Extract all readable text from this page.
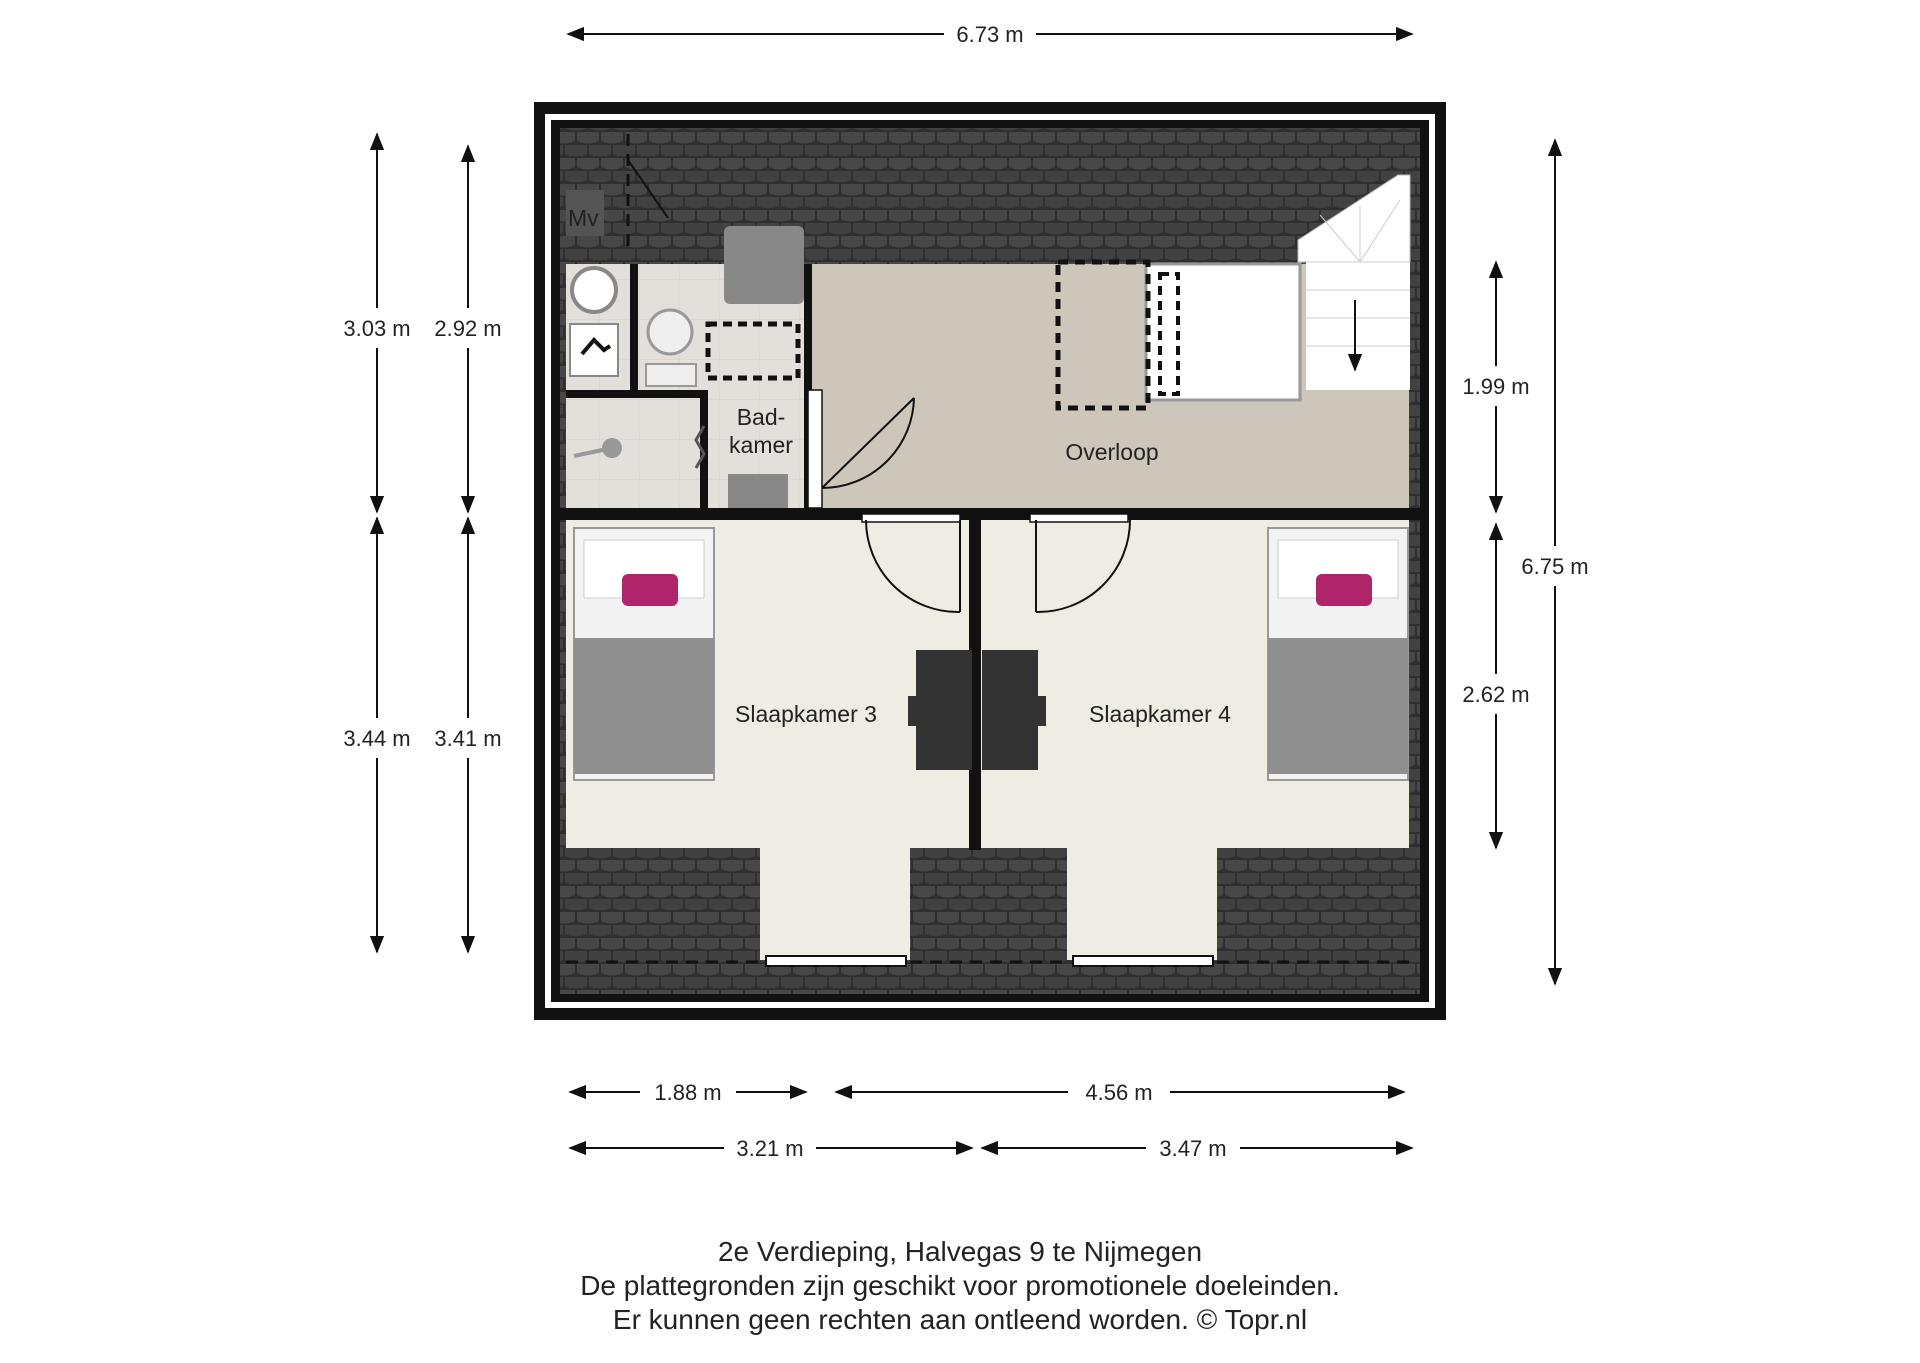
Mv
Bad-
kamer	Overloop
Slaapkamer 3	Slaapkamer 4
6.73 m
3.03 m
3.44 m
2.92 m
3.41 m
6.75 m
1.99 m
2.62 m
1.88 m	4.56 m
3.21 m	3.47 m
2e Verdieping, Halvegas 9 te Nijmegen
De plattegronden zijn geschikt voor promotionele doeleinden.
Er kunnen geen rechten aan ontleend worden. © Topr.nl
